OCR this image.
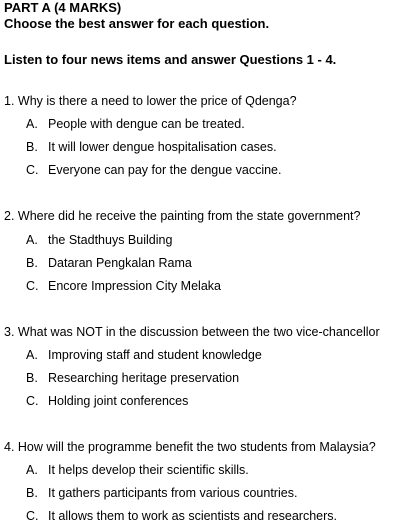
PART A (4 MARKS)
Choose the best answer for each question.
Listen to four news items and answer Questions 1 - 4.
1. Why is there a need to lower the price of Qdenga?
A. People with dengue can be treated.
B. It will lower dengue hospitalisation cases.
C. Everyone can pay for the dengue vaccine.
2. Where did he receive the painting from the state government?
A. the Stadthuys Building
B. Dataran Pengkalan Rama
C. Encore Impression City Melaka
3. What was NOT in the discussion between the two vice-chancellor
A. Improving staff and student knowledge
B. Researching heritage preservation
C. Holding joint conferences
4. How will the programme benefit the two students from Malaysia?
A. It helps develop their scientific skills.
B. It gathers participants from various countries.
C. It allows them to work as scientists and researchers.
